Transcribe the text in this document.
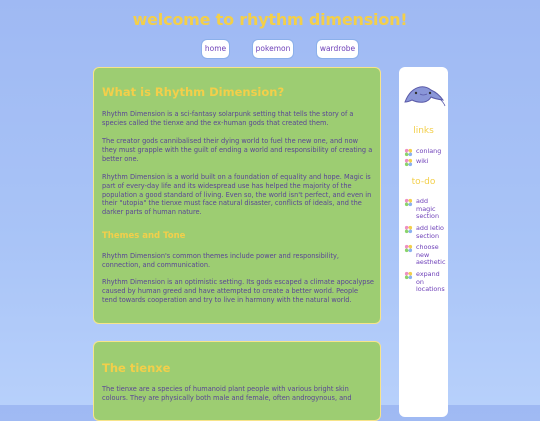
welcome to rhythm dimension!
home	pokemon	wardrobe
What is Rhythm Dimension?

Rhythm Dimension is a sci-fantasy solarpunk setting that tells the story of a species called the tienxe and the ex-human gods that created them.

The creator gods cannibalised their dying world to fuel the new one, and now they must grapple with the guilt of ending a world and responsibility of creating a better one.

Rhythm Dimension is a world built on a foundation of equality and hope. Magic is part of every-day life and its widespread use has helped the majority of the population a good standard of living. Even so, the world isn't perfect, and even in their "utopia" the tienxe must face natural disaster, conflicts of ideals, and the darker parts of human nature.

Themes and Tone

Rhythm Dimension's common themes include power and responsibility, connection, and communication.

Rhythm Dimension is an optimistic setting. Its gods escaped a climate apocalypse caused by human greed and have attempted to create a better world. People tend towards cooperation and try to live in harmony with the natural world.

The tienxe

The tienxe are a species of humanoid plant people with various bright skin colours. They are physically both male and female, often androgynous, and

links
conlang
wiki
to-do
add magic section
add letio section
choose new aesthetic
expand on locations
